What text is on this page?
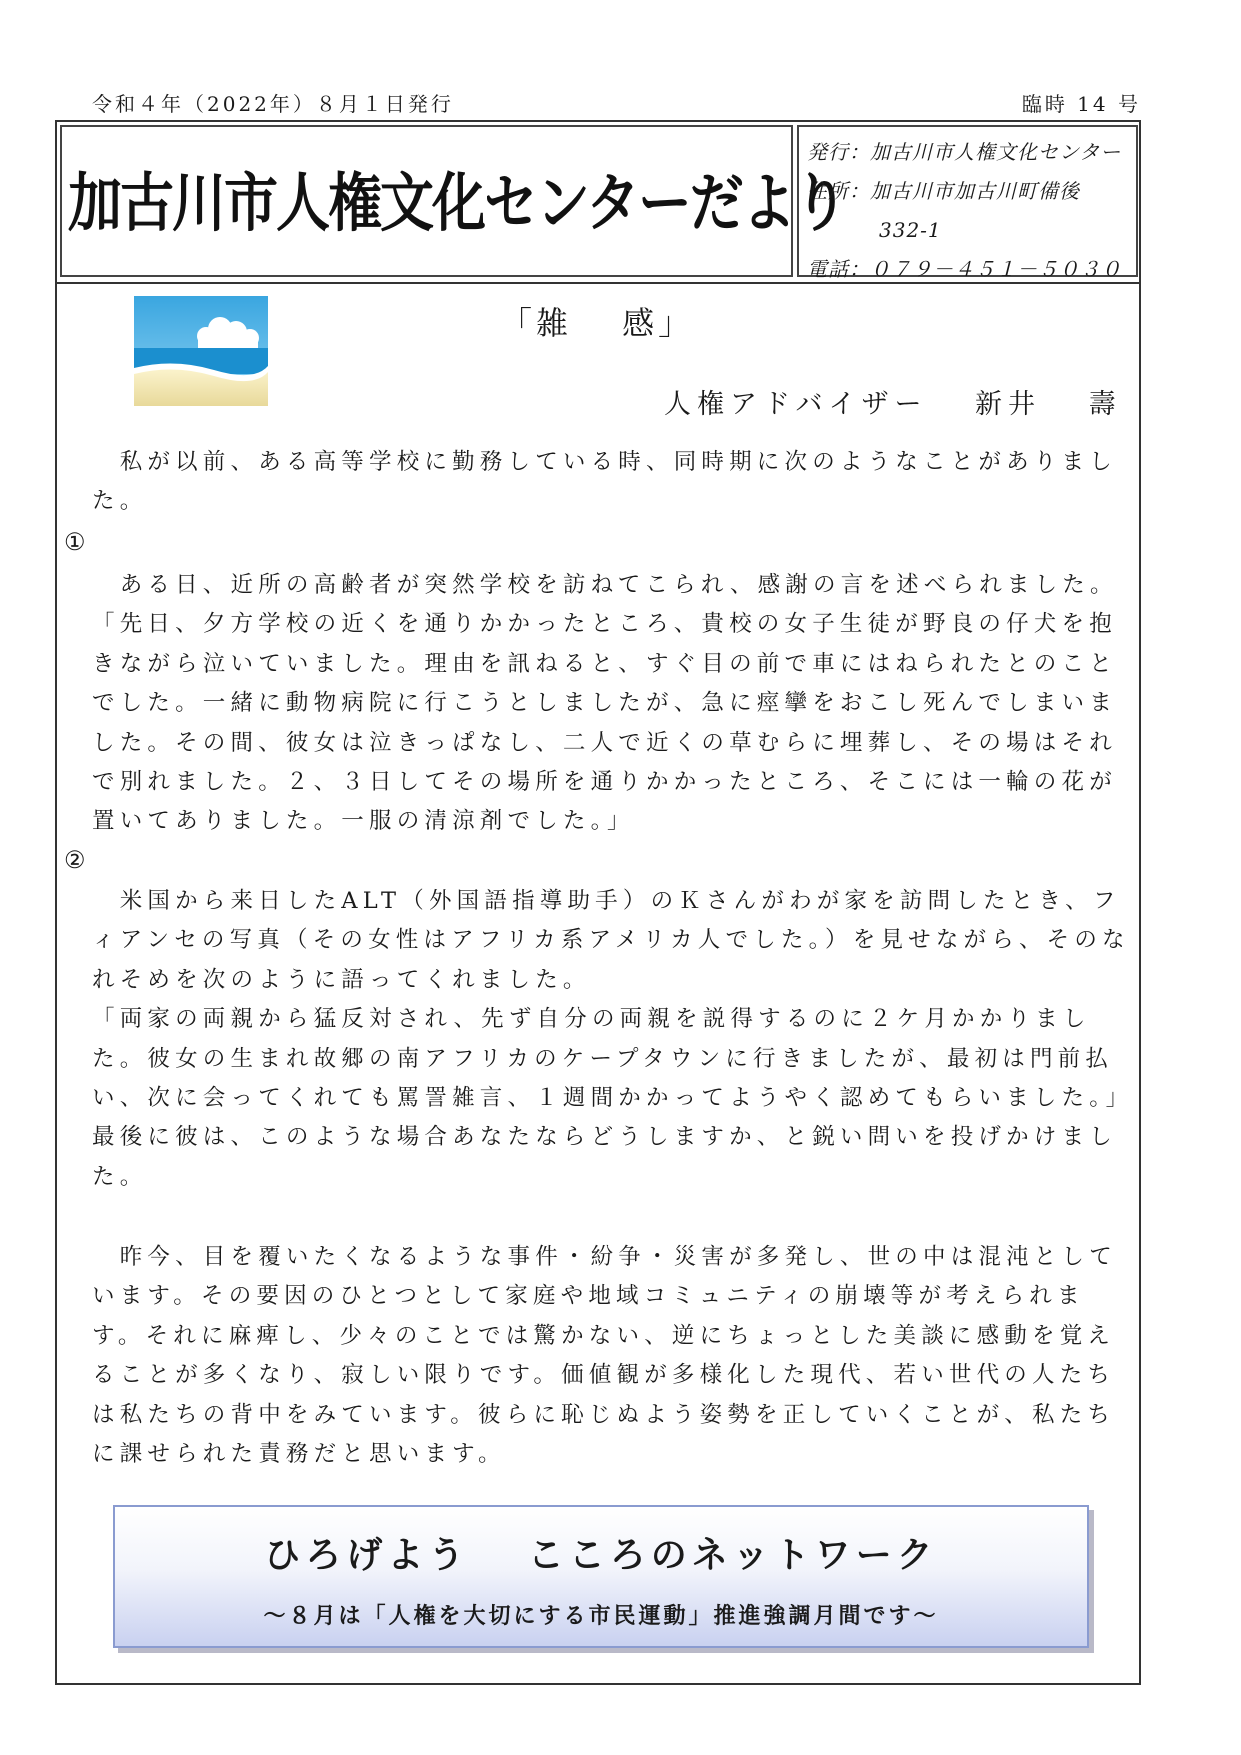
令和４年（2022年）８月１日発行	臨時 14 号
加古川市人権文化センターだより
発行：加古川市人権文化センター
住所：加古川市加古川町備後
332-1
電話：０７９－４５１－５０３０
「雑　 感」
人権アドバイザー　 新井　 壽

　私が以前、ある高等学校に勤務している時、同時期に次のようなことがありました。

①

　ある日、近所の高齢者が突然学校を訪ねてこられ、感謝の言を述べられました。「先日、夕方学校の近くを通りかかったところ、貴校の女子生徒が野良の仔犬を抱きながら泣いていました。理由を訊ねると、すぐ目の前で車にはねられたとのことでした。一緒に動物病院に行こうとしましたが、急に痙攣をおこし死んでしまいました。その間、彼女は泣きっぱなし、二人で近くの草むらに埋葬し、その場はそれで別れました。２、３日してその場所を通りかかったところ、そこには一輪の花が置いてありました。一服の清涼剤でした。」

②

　米国から来日したALT（外国語指導助手）のＫさんがわが家を訪問したとき、フィアンセの写真（その女性はアフリカ系アメリカ人でした。）を見せながら、そのなれそめを次のように語ってくれました。

「両家の両親から猛反対され、先ず自分の両親を説得するのに２ケ月かかりました。彼女の生まれ故郷の南アフリカのケープタウンに行きましたが、最初は門前払い、次に会ってくれても罵詈雑言、１週間かかってようやく認めてもらいました。」最後に彼は、このような場合あなたならどうしますか、と鋭い問いを投げかけました。

　昨今、目を覆いたくなるような事件・紛争・災害が多発し、世の中は混沌としています。その要因のひとつとして家庭や地域コミュニティの崩壊等が考えられます。それに麻痺し、少々のことでは驚かない、逆にちょっとした美談に感動を覚えることが多くなり、寂しい限りです。価値観が多様化した現代、若い世代の人たちは私たちの背中をみています。彼らに恥じぬよう姿勢を正していくことが、私たちに課せられた責務だと思います。

ひろげよう　 こころのネットワーク
～８月は「人権を大切にする市民運動」推進強調月間です～
